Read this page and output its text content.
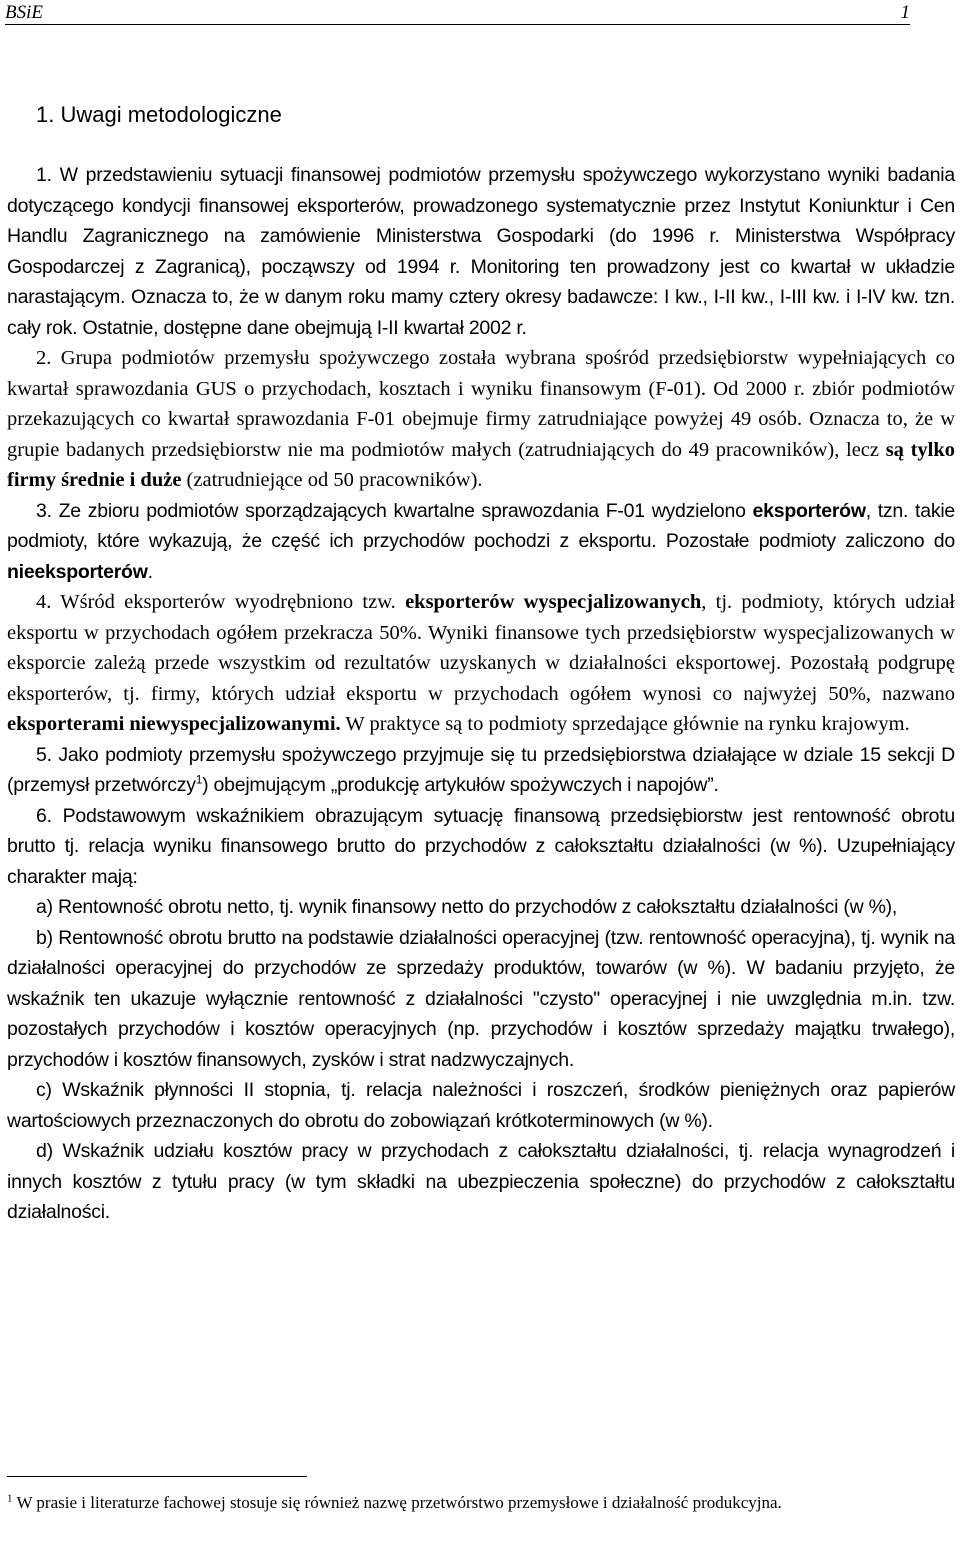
BSiE	1
1. Uwagi metodologiczne

1. W przedstawieniu sytuacji finansowej podmiotów przemysłu spożywczego wykorzystano wyniki badania dotyczącego kondycji finansowej eksporterów, prowadzonego systematycznie przez Instytut Koniunktur i Cen Handlu Zagranicznego na zamówienie Ministerstwa Gospodarki (do 1996 r. Ministerstwa Współpracy Gospodarczej z Zagranicą), począwszy od 1994 r. Monitoring ten prowadzony jest co kwartał w układzie narastającym. Oznacza to, że w danym roku mamy cztery okresy badawcze: I kw., I-II kw., I-III kw. i I-IV kw. tzn. cały rok. Ostatnie, dostępne dane obejmują I-II kwartał 2002 r.

2. Grupa podmiotów przemysłu spożywczego została wybrana spośród przedsiębiorstw wypełniających co kwartał sprawozdania GUS o przychodach, kosztach i wyniku finansowym (F-01). Od 2000 r. zbiór podmiotów przekazujących co kwartał sprawozdania F-01 obejmuje firmy zatrudniające powyżej 49 osób. Oznacza to, że w grupie badanych przedsiębiorstw nie ma podmiotów małych (zatrudniających do 49 pracowników), lecz są tylko firmy średnie i duże (zatrudniejące od 50 pracowników).

3. Ze zbioru podmiotów sporządzających kwartalne sprawozdania F-01 wydzielono eksporterów, tzn. takie podmioty, które wykazują, że część ich przychodów pochodzi z eksportu. Pozostałe podmioty zaliczono do nieeksporterów.

4. Wśród eksporterów wyodrębniono tzw. eksporterów wyspecjalizowanych, tj. podmioty, których udział eksportu w przychodach ogółem przekracza 50%. Wyniki finansowe tych przedsiębiorstw wyspecjalizowanych w eksporcie zależą przede wszystkim od rezultatów uzyskanych w działalności eksportowej. Pozostałą podgrupę eksporterów, tj. firmy, których udział eksportu w przychodach ogółem wynosi co najwyżej 50%, nazwano eksporterami niewyspecjalizowanymi. W praktyce są to podmioty sprzedające głównie na rynku krajowym.

5. Jako podmioty przemysłu spożywczego przyjmuje się tu przedsiębiorstwa działające w dziale 15 sekcji D (przemysł przetwórczy$^1$) obejmującym „produkcję artykułów spożywczych i napojów”.

6. Podstawowym wskaźnikiem obrazującym sytuację finansową przedsiębiorstw jest rentowność obrotu brutto tj. relacja wyniku finansowego brutto do przychodów z całokształtu działalności (w %). Uzupełniający charakter mają:

a) Rentowność obrotu netto, tj. wynik finansowy netto do przychodów z całokształtu działalności (w %),

b) Rentowność obrotu brutto na podstawie działalności operacyjnej (tzw. rentowność operacyjna), tj. wynik na działalności operacyjnej do przychodów ze sprzedaży produktów, towarów (w %). W badaniu przyjęto, że wskaźnik ten ukazuje wyłącznie rentowność z działalności "czysto" operacyjnej i nie uwzględnia m.in. tzw. pozostałych przychodów i kosztów operacyjnych (np. przychodów i kosztów sprzedaży majątku trwałego), przychodów i kosztów finansowych, zysków i strat nadzwyczajnych.

c) Wskaźnik płynności II stopnia, tj. relacja należności i roszczeń, środków pieniężnych oraz papierów wartościowych przeznaczonych do obrotu do zobowiązań krótkoterminowych (w %).

d) Wskaźnik udziału kosztów pracy w przychodach z całokształtu działalności, tj. relacja wynagrodzeń i innych kosztów z tytułu pracy (w tym składki na ubezpieczenia społeczne) do przychodów z całokształtu działalności.

$^1$ W prasie i literaturze fachowej stosuje się również nazwę przetwórstwo przemysłowe i działalność produkcyjna.
